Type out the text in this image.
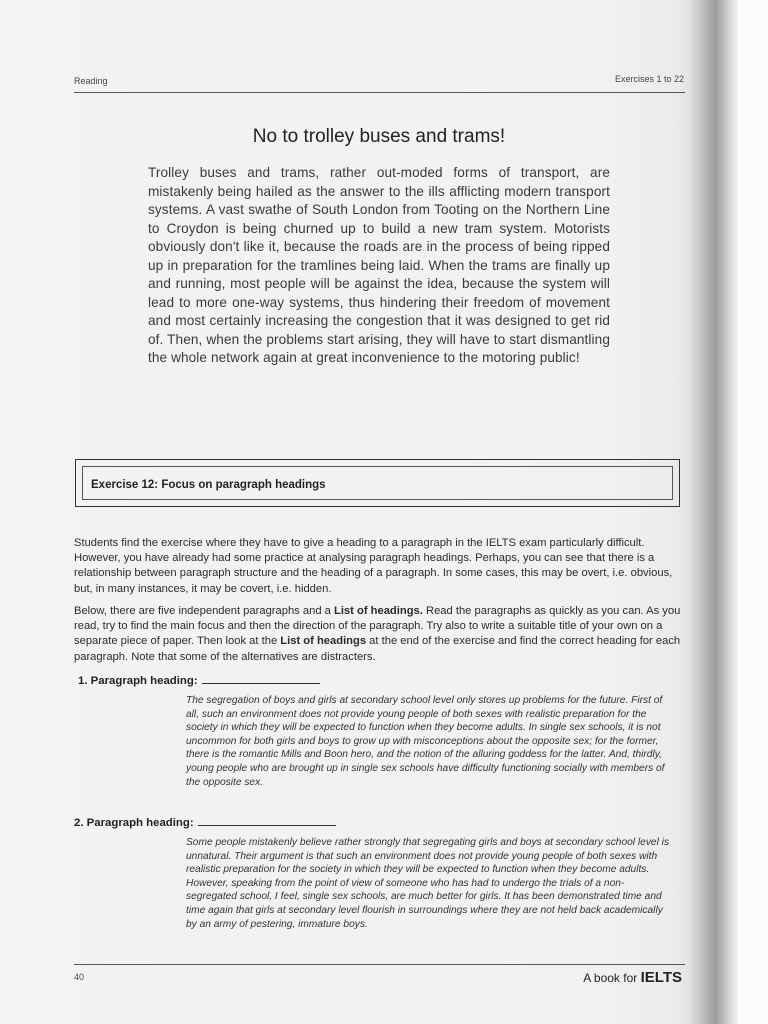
Reading	Exercises 1 to 22
No to trolley buses and trams!
Trolley buses and trams, rather out-moded forms of transport, are mistakenly being hailed as the answer to the ills afflicting modern transport systems. A vast swathe of South London from Tooting on the Northern Line to Croydon is being churned up to build a new tram system. Motorists obviously don't like it, because the roads are in the process of being ripped up in preparation for the tramlines being laid. When the trams are finally up and running, most people will be against the idea, because the system will lead to more one-way systems, thus hindering their freedom of movement and most certainly increasing the congestion that it was designed to get rid of. Then, when the problems start arising, they will have to start dismantling the whole network again at great inconvenience to the motoring public!
Exercise 12: Focus on paragraph headings
Students find the exercise where they have to give a heading to a paragraph in the IELTS exam particularly difficult. However, you have already had some practice at analysing paragraph headings. Perhaps, you can see that there is a relationship between paragraph structure and the heading of a paragraph. In some cases, this may be overt, i.e. obvious, but, in many instances, it may be covert, i.e. hidden.
Below, there are five independent paragraphs and a List of headings. Read the paragraphs as quickly as you can. As you read, try to find the main focus and then the direction of the paragraph. Try also to write a suitable title of your own on a separate piece of paper. Then look at the List of headings at the end of the exercise and find the correct heading for each paragraph. Note that some of the alternatives are distracters.
1. Paragraph heading:
The segregation of boys and girls at secondary school level only stores up problems for the future. First of all, such an environment does not provide young people of both sexes with realistic preparation for the society in which they will be expected to function when they become adults. In single sex schools, it is not uncommon for both girls and boys to grow up with misconceptions about the opposite sex; for the former, there is the romantic Mills and Boon hero, and the notion of the alluring goddess for the latter. And, thirdly, young people who are brought up in single sex schools have difficulty functioning socially with members of the opposite sex.
2. Paragraph heading:
Some people mistakenly believe rather strongly that segregating girls and boys at secondary school level is unnatural. Their argument is that such an environment does not provide young people of both sexes with realistic preparation for the society in which they will be expected to function when they become adults. However, speaking from the point of view of someone who has had to undergo the trials of a non-segregated school, I feel, single sex schools, are much better for girls. It has been demonstrated time and time again that girls at secondary level flourish in surroundings where they are not held back academically by an army of pestering, immature boys.
40	A book for IELTS
